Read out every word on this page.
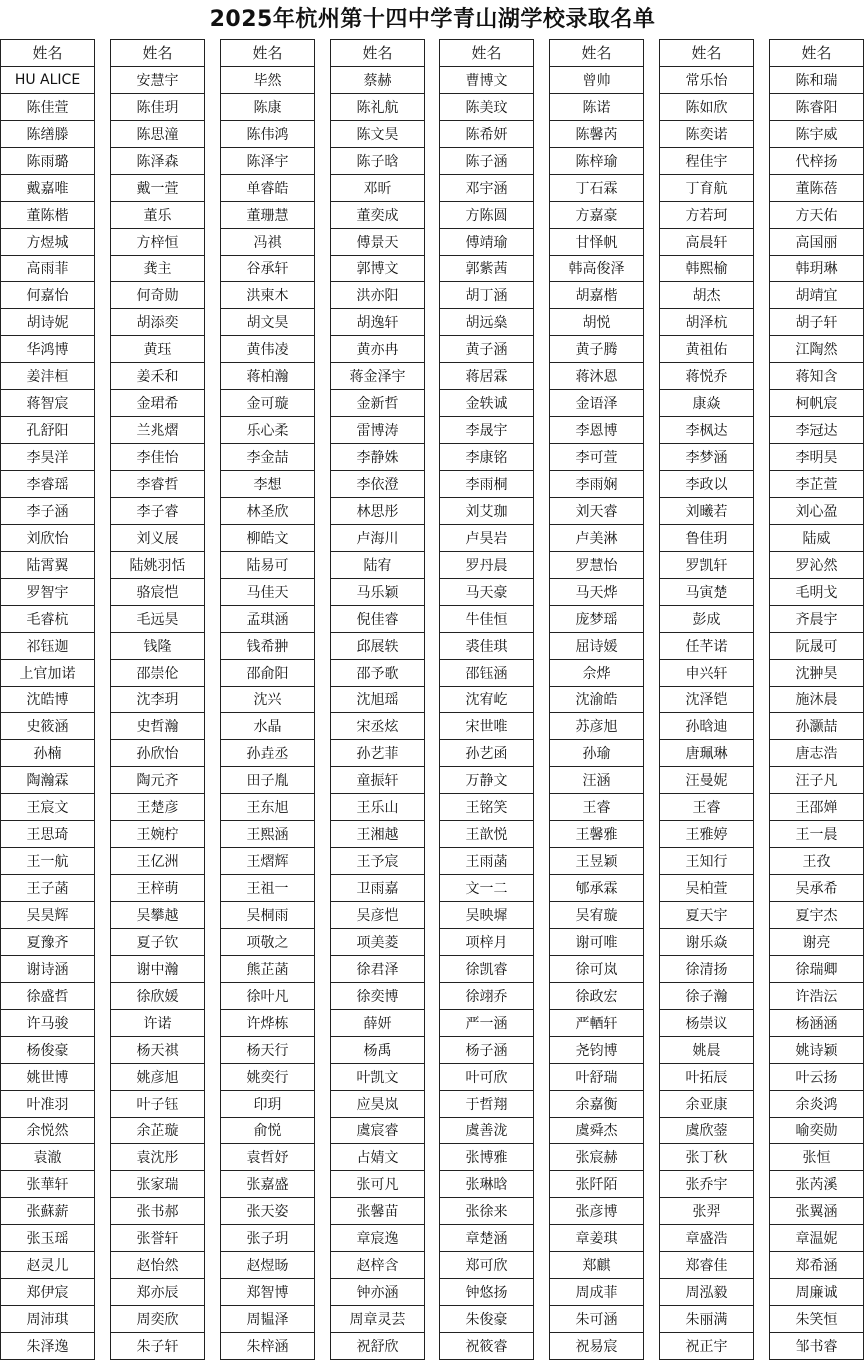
2025年杭州第十四中学青山湖学校录取名单
姓名
HU ALICE
陈佳萱
陈缮滕
陈雨璐
戴嘉唯
董陈楷
方煜城
高雨菲
何嘉怡
胡诗妮
华鸿博
姜沣桓
蒋智宸
孔舒阳
李昊洋
李睿瑶
李子涵
刘欣怡
陆霄翼
罗智宇
毛睿杭
祁钰迦
上官加诺
沈皓博
史筱涵
孙楠
陶瀚霖
王宸文
王思琦
王一航
王子菡
吴昊辉
夏豫齐
谢诗涵
徐盛哲
许马骏
杨俊豪
姚世博
叶准羽
余悦然
袁澈
张華轩
张蘇薪
张玉瑶
赵灵儿
郑伊宸
周沛琪
朱泽逸
姓名
安慧宇
陈佳玥
陈思潼
陈泽森
戴一萱
董乐
方梓恒
龚主
何奇勋
胡添奕
黄珏
姜禾和
金珺希
兰兆熠
李佳怡
李睿哲
李子睿
刘义展
陆姚羽恬
骆宸恺
毛远昊
钱隆
邵崇伦
沈李玥
史哲瀚
孙欣怡
陶元齐
王楚彦
王婉柠
王亿洲
王梓萌
吴攀越
夏子钦
谢中瀚
徐欣媛
许诺
杨天祺
姚彦旭
叶子钰
余芷璇
袁沈彤
张家瑞
张书郝
张誉轩
赵怡然
郑亦辰
周奕欣
朱子轩
姓名
毕然
陈康
陈伟鸿
陈泽宇
单睿皓
董珊慧
冯祺
谷承轩
洪柬木
胡文昊
黄伟凌
蒋柏瀚
金可璇
乐心柔
李金喆
李想
林圣欣
柳皓文
陆易可
马佳天
孟琪涵
钱希翀
邵俞阳
沈兴
水晶
孙垚丞
田子胤
王东旭
王熙涵
王熠辉
王祖一
吴桐雨
项敬之
熊芷菡
徐叶凡
许烨栋
杨天行
姚奕行
印玥
俞悦
袁哲妤
张嘉盛
张天姿
张子玥
赵煜旸
郑智博
周韫泽
朱梓涵
姓名
蔡赫
陈礼航
陈文昊
陈子晗
邓昕
董奕成
傅景天
郭博文
洪亦阳
胡逸轩
黄亦冉
蒋金泽宇
金新哲
雷博涛
李静姝
李依澄
林思彤
卢海川
陆宥
马乐颖
倪佳睿
邱展轶
邵予歌
沈旭瑶
宋丞炫
孙艺菲
童振轩
王乐山
王湘越
王予宸
卫雨嘉
吴彦恺
项美菱
徐君泽
徐奕博
薛妍
杨禹
叶凯文
应昊岚
虞宸睿
占婧文
张可凡
张馨苗
章宸逸
赵梓含
钟亦涵
周章灵芸
祝舒欣
姓名
曹博文
陈美玟
陈希妍
陈子涵
邓宇涵
方陈圆
傅靖瑜
郭紫茜
胡丁涵
胡远燊
黄子涵
蒋居霖
金轶诚
李晟宇
李康铭
李雨桐
刘艾珈
卢昊岩
罗丹晨
马天豪
牛佳恒
裘佳琪
邵钰涵
沈宥屹
宋世唯
孙艺函
万静文
王铭笑
王歆悦
王雨菡
文一二
吴映墀
项梓月
徐凯睿
徐翊乔
严一涵
杨子涵
叶可欣
于哲翔
虞善泷
张博雅
张琳晗
张徐来
章楚涵
郑可欣
钟悠扬
朱俊豪
祝筱睿
姓名
曾帅
陈诺
陈馨芮
陈梓瑜
丁石霖
方嘉豪
甘怿帆
韩高俊泽
胡嘉楷
胡悦
黄子腾
蒋沐恩
金语泽
李恩博
李可萱
李雨娴
刘天睿
卢美淋
罗慧怡
马天烨
庞梦瑶
屈诗媛
佘烨
沈渝皓
苏彦旭
孙瑜
汪涵
王睿
王馨雅
王昱颖
郇承霖
吴宥璇
谢可唯
徐可岚
徐政宏
严輏轩
尧钧博
叶舒瑞
余嘉衡
虞舜杰
张宸赫
张阡陌
张彦博
章姜琪
郑麒
周成菲
朱可涵
祝易宸
姓名
常乐怡
陈如欣
陈奕诺
程佳宇
丁育航
方若珂
高晨轩
韩熙榆
胡杰
胡泽杭
黄祖佑
蒋悦乔
康焱
李枫达
李梦涵
李政以
刘曦若
鲁佳玥
罗凯轩
马寅楚
彭成
任芊诺
申兴轩
沈泽铠
孙晗迪
唐珮琳
汪曼妮
王睿
王雅婷
王知行
吴柏萱
夏天宇
谢乐焱
徐清扬
徐子瀚
杨崇议
姚晨
叶拓辰
余亚康
虞欣蓥
张丁秋
张乔宇
张羿
章盛浩
郑睿佳
周泓毅
朱丽满
祝正宇
姓名
陈和瑞
陈睿阳
陈宇威
代梓扬
董陈蓓
方天佑
高国丽
韩玥琳
胡靖宜
胡子轩
江陶然
蒋知含
柯帆宸
李冠达
李明昊
李芷萱
刘心盈
陆威
罗沁然
毛明戈
齐晨宇
阮晟可
沈翀昊
施沐晨
孙灏喆
唐志浩
汪子凡
王邵婵
王一晨
王孜
吴承希
夏宇杰
谢亮
徐瑞卿
许浩沄
杨涵涵
姚诗颖
叶云扬
余炎鸿
喻奕勋
张恒
张芮溪
张翼涵
章温妮
郑希涵
周廉诚
朱笑恒
邹书睿
